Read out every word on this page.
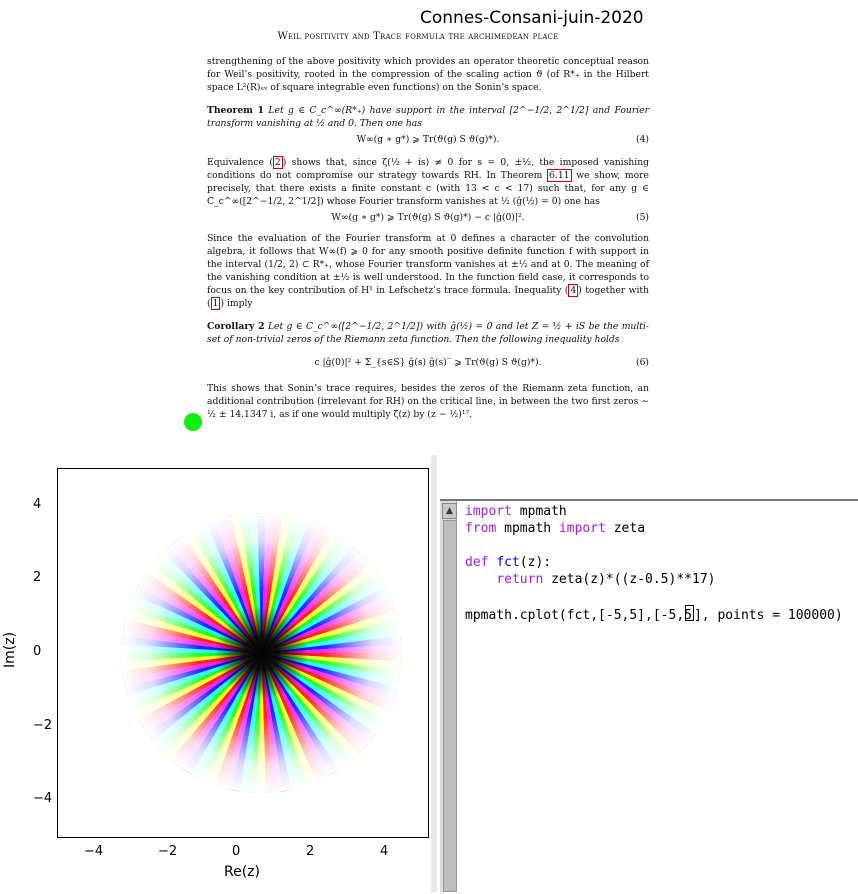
Connes-Consani-juin-2020
Weil positivity and Trace formula the archimedean place

strengthening of the above positivity which provides an operator theoretic conceptual reason for Weil’s positivity, rooted in the compression of the scaling action ϑ (of R*₊ in the Hilbert space L²(R)ₑᵥ of square integrable even functions) on the Sonin’s space.

Theorem 1 Let g ∈ C_c^∞(R*₊) have support in the interval [2^−1/2, 2^1/2] and Fourier transform vanishing at ½ and 0. Then one has

W∞(g ∗ g*) ⩾ Tr(ϑ(g) S ϑ(g)*).	(4)

Equivalence ( 2 ) shows that, since ζ(½ + is) ≠ 0 for s = 0, ±½, the imposed vanishing conditions do not compromise our strategy towards RH. In Theorem 6.11 we show, more precisely, that there exists a finite constant c (with 13 < c < 17) such that, for any g ∈ C_c^∞([2^−1/2, 2^1/2]) whose Fourier transform vanishes at ½ (ĝ(½) = 0) one has

W∞(g ∗ g*) ⩾ Tr(ϑ(g) S ϑ(g)*) − c |ĝ(0)|².	(5)

Since the evaluation of the Fourier transform at 0 defines a character of the convolution algebra, it follows that W∞(f) ⩾ 0 for any smooth positive definite function f with support in the interval (1/2, 2) ⊂ R*₊, whose Fourier transform vanishes at ±½ and at 0. The meaning of the vanishing condition at ±½ is well understood. In the function field case, it corresponds to focus on the key contribution of H¹ in Lefschetz’s trace formula. Inequality ( 4 ) together with ( 1 ) imply

Corollary 2 Let g ∈ C_c^∞([2^−1/2, 2^1/2]) with ĝ(½) = 0 and let Z = ½ + iS be the multi-set of non-trivial zeros of the Riemann zeta function. Then the following inequality holds

c |ĝ(0)|² + Σ_{s∈S} ĝ(s) ĝ(s)‾ ⩾ Tr(ϑ(g) S ϑ(g)*).	(6)

This shows that Sonin’s trace requires, besides the zeros of the Riemann zeta function, an additional contribution (irrelevant for RH) on the critical line, in between the two first zeros ∼ ½ ± 14.1347 i, as if one would multiply ζ(z) by (z − ½)¹⁷.

−4	−2	0	2	4
4
2
0
−2
−4
Re(z)
Im(z)
▲ import mpmath
from mpmath import zeta

def fct(z):
return zeta(z)*((z-0.5)**17)

mpmath.cplot(fct,[-5,5],[-5,5 ], points = 100000)
